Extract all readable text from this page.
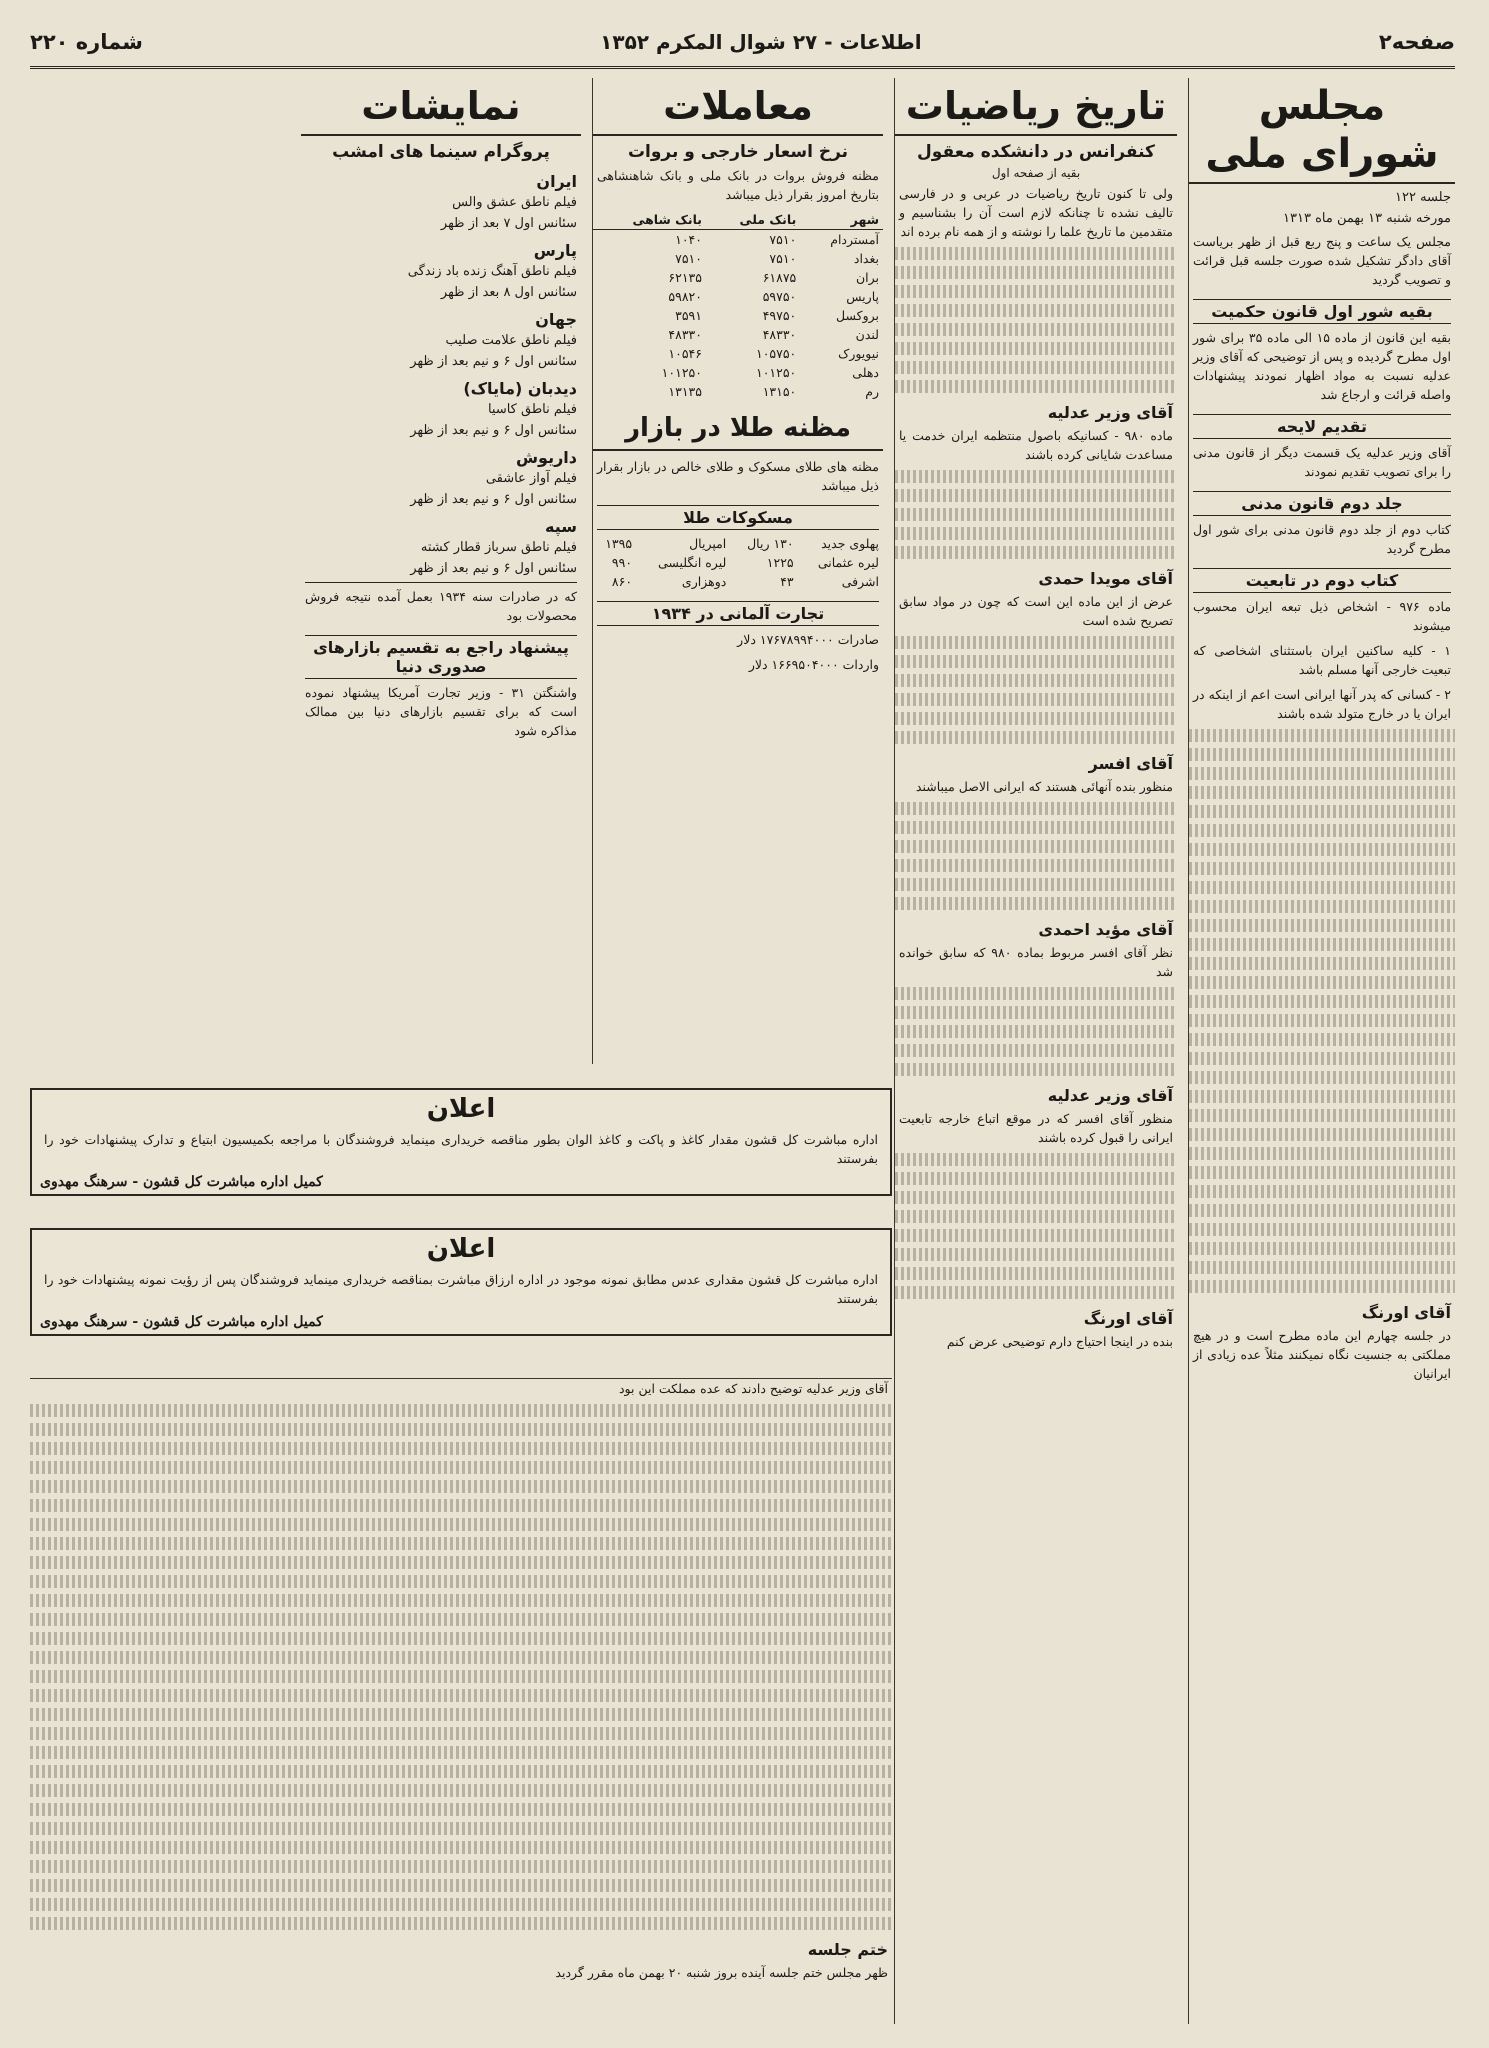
صفحه۲
اطلاعات - ۲۷ شوال المکرم ۱۳۵۲
شماره ۲۲۰
مجلس شورای ملی
جلسه ۱۲۲
مورخه شنبه ۱۳ بهمن ماه ۱۳۱۳

مجلس یک ساعت و پنج ربع قبل از ظهر بریاست آقای دادگر تشکیل شده صورت جلسه قبل قرائت و تصویب گردید

بقیه شور اول قانون حکمیت

بقیه این قانون از ماده ۱۵ الی ماده ۳۵ برای شور اول مطرح گردیده و پس از توضیحی که آقای وزیر عدلیه نسبت به مواد اظهار نمودند پیشنهادات واصله قرائت و ارجاع شد

تقدیم لایحه

آقای وزیر عدلیه یک قسمت دیگر از قانون مدنی را برای تصویب تقدیم نمودند

جلد دوم قانون مدنی

کتاب دوم از جلد دوم قانون مدنی برای شور اول مطرح گردید

کتاب دوم در تابعیت

ماده ۹۷۶ - اشخاص ذیل تبعه ایران محسوب میشوند

۱ - کلیه ساکنین ایران باستثنای اشخاصی که تبعیت خارجی آنها مسلم باشد

۲ - کسانی که پدر آنها ایرانی است اعم از اینکه در ایران یا در خارج متولد شده باشند

آقای اورنگ

در جلسه چهارم این ماده مطرح است و در هیچ مملکتی به جنسیت نگاه نمیکنند مثلاً عده زیادی از ایرانیان

تاریخ ریاضیات
کنفرانس در دانشکده معقول
بقیه از صفحه اول

ولی تا کنون تاریخ ریاضیات در عربی و در فارسی تالیف نشده تا چنانکه لازم است آن را بشناسیم و متقدمین ما تاریخ علما را نوشته و از همه نام برده اند

آقای وزیر عدلیه

ماده ۹۸۰ - کسانیکه باصول منتظمه ایران خدمت یا مساعدت شایانی کرده باشند

آقای مویدا حمدی

عرض از این ماده این است که چون در مواد سابق تصریح شده است

آقای افسر

منظور بنده آنهائی هستند که ایرانی الاصل میباشند

آقای مؤید احمدی

نظر آقای افسر مربوط بماده ۹۸۰ که سابق خوانده شد

آقای وزیر عدلیه

منظور آقای افسر که در موقع اتباع خارجه تابعیت ایرانی را قبول کرده باشند

آقای اورنگ

بنده در اینجا احتیاج دارم توضیحی عرض کنم

معاملات
نرخ اسعار خارجی و بروات

مظنه فروش بروات در بانک ملی و بانک شاهنشاهی بتاریخ امروز بقرار ذیل میباشد

شهر	بانک ملی	بانک شاهی
آمستردام	۷۵۱۰	۱۰۴۰
بغداد	۷۵۱۰	۷۵۱۰
بران	۶۱۸۷۵	۶۲۱۳۵
پاریس	۵۹۷۵۰	۵۹۸۲۰
بروکسل	۴۹۷۵۰	۳۵۹۱
لندن	۴۸۳۳۰	۴۸۳۳۰
نیویورک	۱۰۵۷۵۰	۱۰۵۴۶
دهلی	۱۰۱۲۵۰	۱۰۱۲۵۰
رم	۱۳۱۵۰	۱۳۱۳۵
مظنه طلا در بازار

مظنه های طلای مسکوک و طلای خالص در بازار بقرار ذیل میباشد

مسکوکات طلا
پهلوی جدید	۱۳۰ ریال	امپریال	۱۳۹۵
لیره عثمانی	۱۲۲۵	لیره انگلیسی	۹۹۰
اشرفی	۴۳	دوهزاری	۸۶۰
تجارت آلمانی در ۱۹۳۴

صادرات ۱۷۶۷۸۹۹۴۰۰۰ دلار

واردات ۱۶۶۹۵۰۴۰۰۰ دلار

نمایشات
پروگرام سینما های امشب
ایران
فیلم ناطق عشق والس
سئانس اول ۷ بعد از ظهر
پارس
فیلم ناطق آهنگ زنده باد زندگی
سئانس اول ۸ بعد از ظهر
جهان
فیلم ناطق علامت صلیب
سئانس اول ۶ و نیم بعد از ظهر
دیدبان (مایاک)
فیلم ناطق کاسیا
سئانس اول ۶ و نیم بعد از ظهر
داریوش
فیلم آواز عاشقی
سئانس اول ۶ و نیم بعد از ظهر
سپه
فیلم ناطق سرباز قطار کشته
سئانس اول ۶ و نیم بعد از ظهر

که در صادرات سنه ۱۹۳۴ بعمل آمده نتیجه فروش محصولات بود

پیشنهاد راجع به تقسیم بازارهای صدوری دنیا

واشنگتن ۳۱ - وزیر تجارت آمریکا پیشنهاد نموده است که برای تقسیم بازارهای دنیا بین ممالک مذاکره شود

اعلان

اداره مباشرت کل قشون مقدار کاغذ و پاکت و کاغذ الوان بطور مناقصه خریداری مینماید فروشندگان با مراجعه بکمیسیون ابتیاع و تدارک پیشنهادات خود را بفرستند

کمیل اداره مباشرت کل قشون - سرهنگ مهدوی
اعلان

اداره مباشرت کل قشون مقداری عدس مطابق نمونه موجود در اداره ارزاق مباشرت بمناقصه خریداری مینماید فروشندگان پس از رؤیت نمونه پیشنهادات خود را بفرستند

کمیل اداره مباشرت کل قشون - سرهنگ مهدوی

آقای وزیر عدلیه توضیح دادند که عده مملکت این بود

ختم جلسه

ظهر مجلس ختم جلسه آینده بروز شنبه ۲۰ بهمن ماه مقرر گردید
